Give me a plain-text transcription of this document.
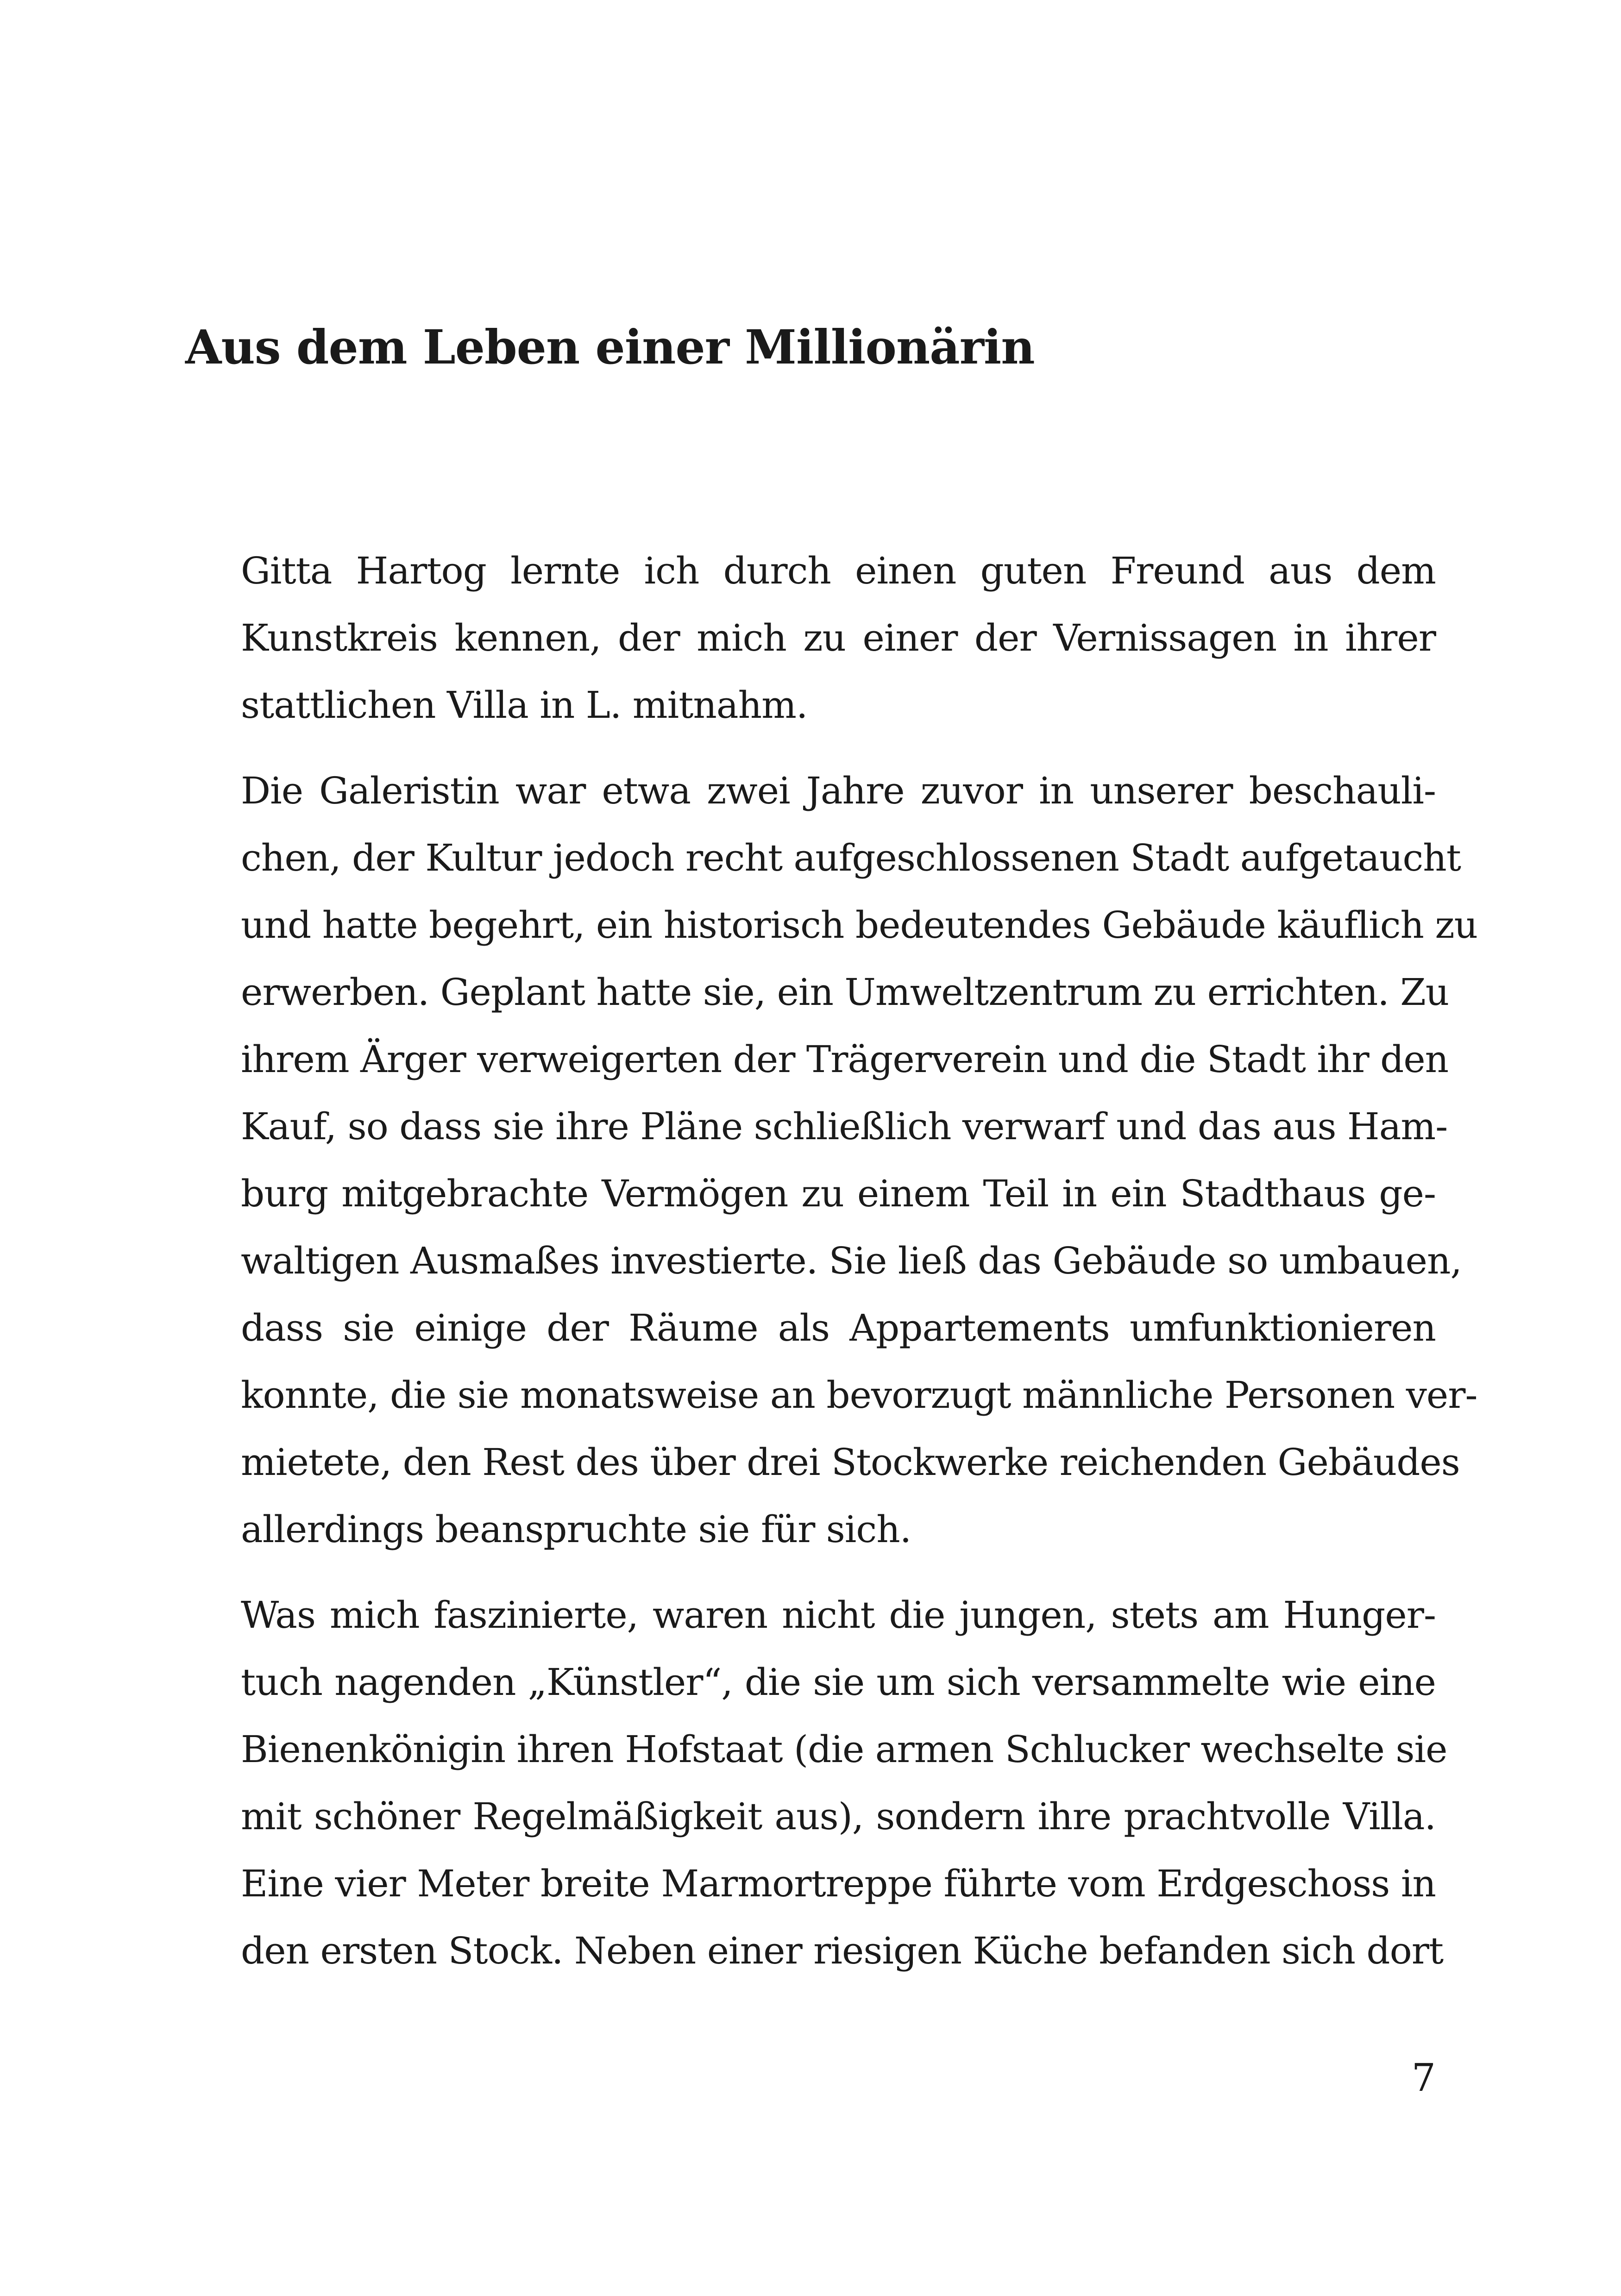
Aus dem Leben einer Millionärin

Gitta Hartog lernte ich durch einen guten Freund aus dem
Kunstkreis kennen, der mich zu einer der Vernissagen in ihrer
stattlichen Villa in L. mitnahm.

Die Galeristin war etwa zwei Jahre zuvor in unserer beschauli-
chen, der Kultur jedoch recht aufgeschlossenen Stadt aufgetaucht
und hatte begehrt, ein historisch bedeutendes Gebäude käuflich zu
erwerben. Geplant hatte sie, ein Umweltzentrum zu errichten. Zu
ihrem Ärger verweigerten der Trägerverein und die Stadt ihr den
Kauf, so dass sie ihre Pläne schließlich verwarf und das aus Ham-
burg mitgebrachte Vermögen zu einem Teil in ein Stadthaus ge-
waltigen Ausmaßes investierte. Sie ließ das Gebäude so umbauen,
dass sie einige der Räume als Appartements umfunktionieren
konnte, die sie monatsweise an bevorzugt männliche Personen ver-
mietete, den Rest des über drei Stockwerke reichenden Gebäudes
allerdings beanspruchte sie für sich.

Was mich faszinierte, waren nicht die jungen, stets am Hunger-
tuch nagenden „Künstler“, die sie um sich versammelte wie eine
Bienenkönigin ihren Hofstaat (die armen Schlucker wechselte sie
mit schöner Regelmäßigkeit aus), sondern ihre prachtvolle Villa.
Eine vier Meter breite Marmortreppe führte vom Erdgeschoss in
den ersten Stock. Neben einer riesigen Küche befanden sich dort

7
